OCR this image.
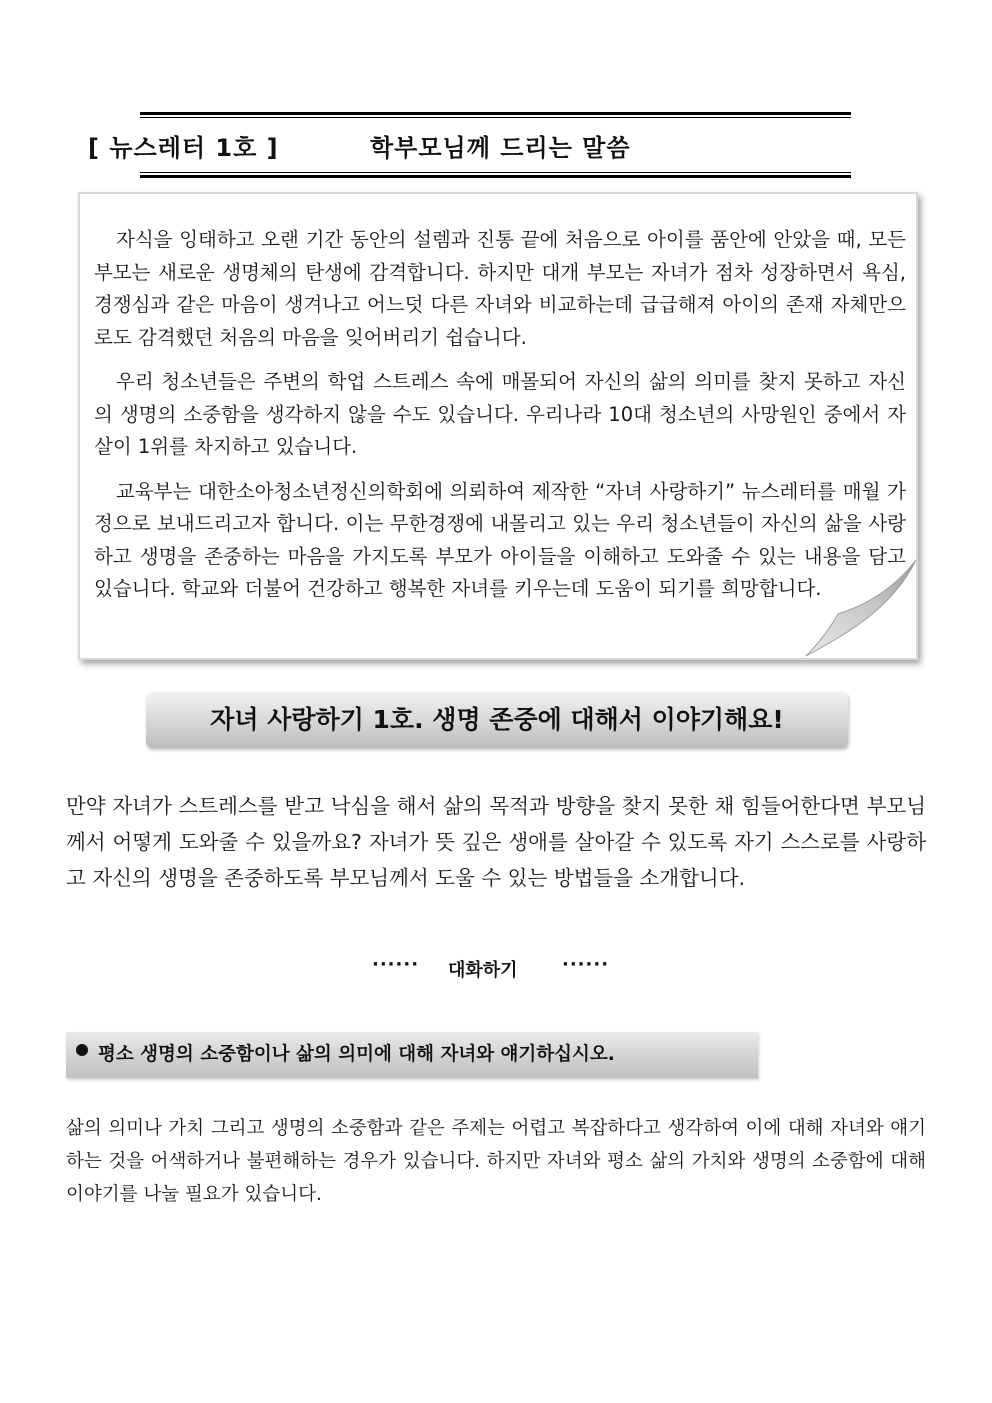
[ 뉴스레터 1호 ]	학부모님께 드리는 말씀

자식을 잉태하고 오랜 기간 동안의 설렘과 진통 끝에 처음으로 아이를 품안에 안았을 때, 모든 부모는 새로운 생명체의 탄생에 감격합니다. 하지만 대개 부모는 자녀가 점차 성장하면서 욕심, 경쟁심과 같은 마음이 생겨나고 어느덧 다른 자녀와 비교하는데 급급해져 아이의 존재 자체만으로도 감격했던 처음의 마음을 잊어버리기 쉽습니다.

우리 청소년들은 주변의 학업 스트레스 속에 매몰되어 자신의 삶의 의미를 찾지 못하고 자신의 생명의 소중함을 생각하지 않을 수도 있습니다. 우리나라 10대 청소년의 사망원인 중에서 자살이 1위를 차지하고 있습니다.

교육부는 대한소아청소년정신의학회에 의뢰하여 제작한 “자녀 사랑하기” 뉴스레터를 매월 가정으로 보내드리고자 합니다. 이는 무한경쟁에 내몰리고 있는 우리 청소년들이 자신의 삶을 사랑하고 생명을 존중하는 마음을 가지도록 부모가 아이들을 이해하고 도와줄 수 있는 내용을 담고 있습니다. 학교와 더불어 건강하고 행복한 자녀를 키우는데 도움이 되기를 희망합니다.

자녀 사랑하기 1호. 생명 존중에 대해서 이야기해요!

만약 자녀가 스트레스를 받고 낙심을 해서 삶의 목적과 방향을 찾지 못한 채 힘들어한다면 부모님께서 어떻게 도와줄 수 있을까요? 자녀가 뜻 깊은 생애를 살아갈 수 있도록 자기 스스로를 사랑하고 자신의 생명을 존중하도록 부모님께서 도울 수 있는 방법들을 소개합니다.

······ 대화하기 ······
평소 생명의 소중함이나 삶의 의미에 대해 자녀와 얘기하십시오.

삶의 의미나 가치 그리고 생명의 소중함과 같은 주제는 어렵고 복잡하다고 생각하여 이에 대해 자녀와 얘기하는 것을 어색하거나 불편해하는 경우가 있습니다. 하지만 자녀와 평소 삶의 가치와 생명의 소중함에 대해 이야기를 나눌 필요가 있습니다.
